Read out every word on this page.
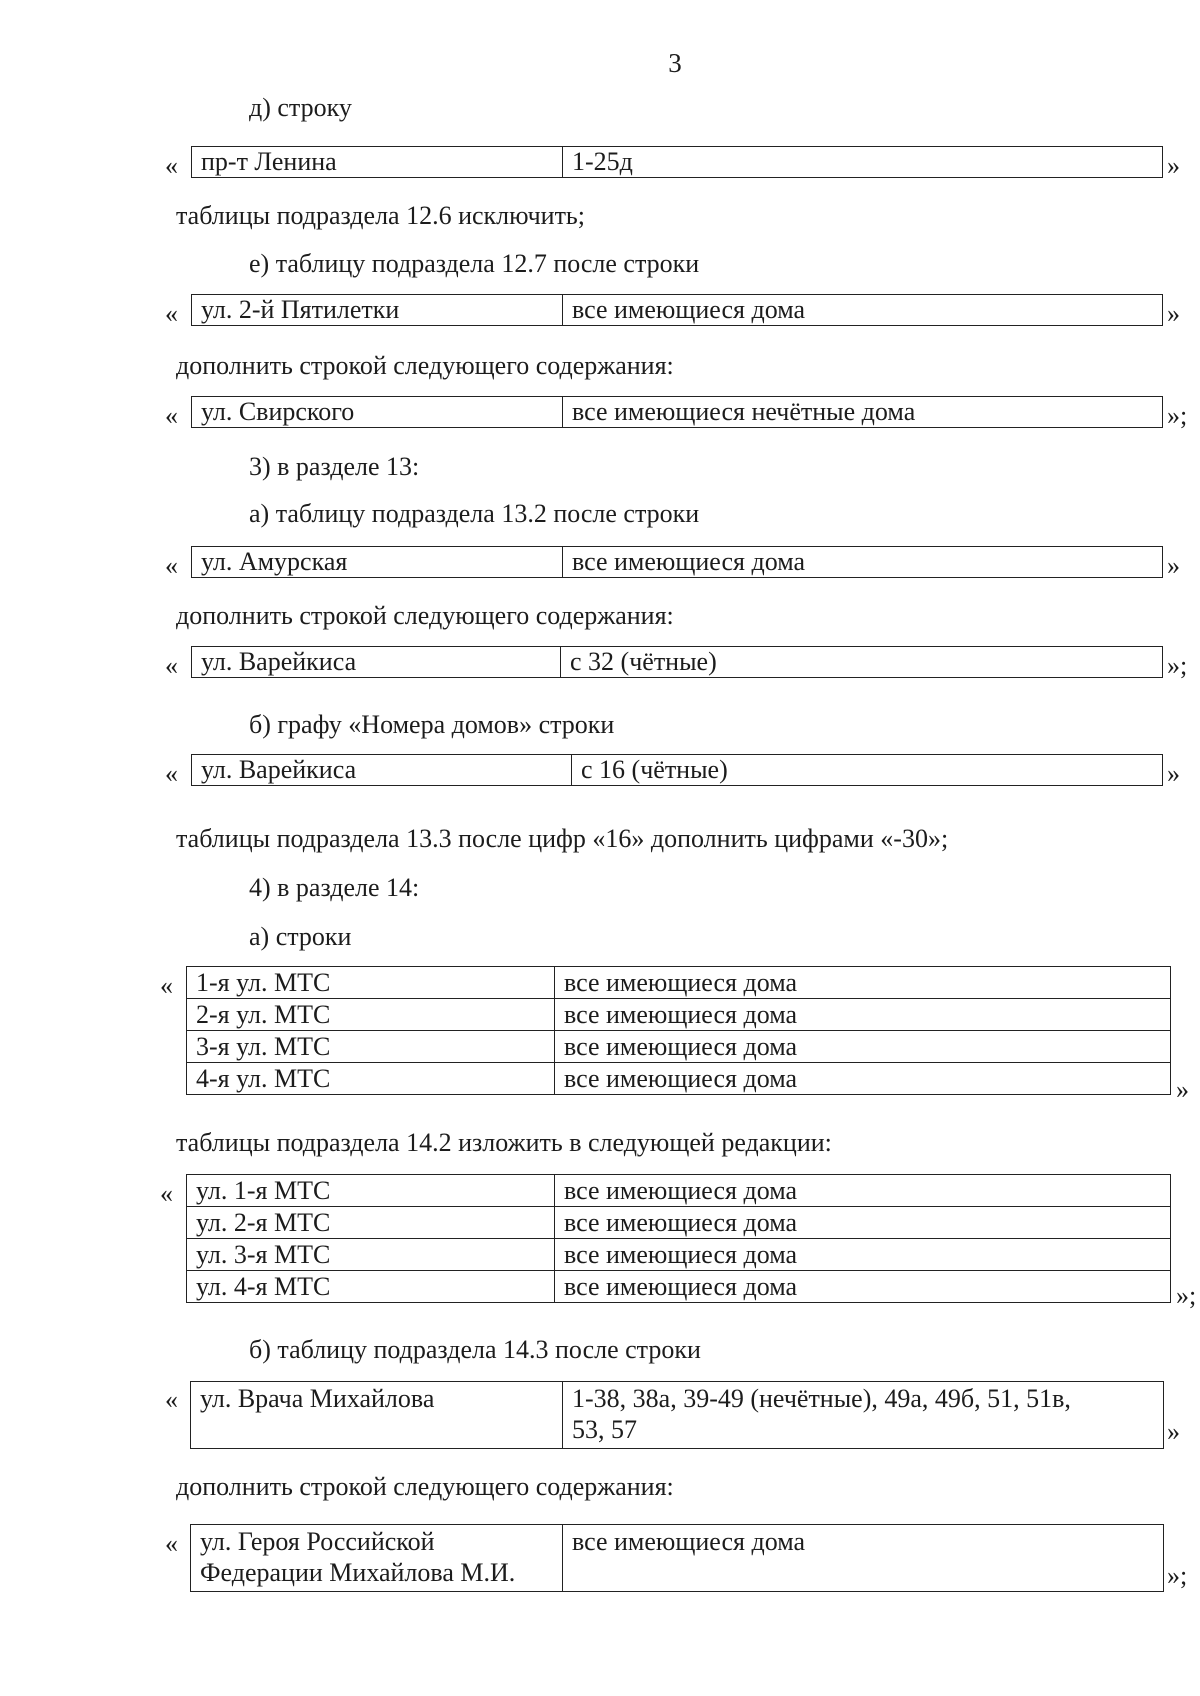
3
д) строку
« пр-т Ленина	1-25д	»
таблицы подраздела 12.6 исключить;
е) таблицу подраздела 12.7 после строки
« ул. 2-й Пятилетки	все имеющиеся дома	»
дополнить строкой следующего содержания:
« ул. Свирского	все имеющиеся нечётные дома	»;
3) в разделе 13:
а) таблицу подраздела 13.2 после строки
« ул. Амурская	все имеющиеся дома	»
дополнить строкой следующего содержания:
« ул. Варейкиса	с 32 (чётные)	»;
б) графу «Номера домов» строки
« ул. Варейкиса	с 16 (чётные)	»
таблицы подраздела 13.3 после цифр «16» дополнить цифрами «-30»;
4) в разделе 14:
а) строки
« 1-я ул. МТС	все имеющиеся дома
2-я ул. МТС	все имеющиеся дома
3-я ул. МТС	все имеющиеся дома
4-я ул. МТС	все имеющиеся дома	»
таблицы подраздела 14.2 изложить в следующей редакции:
« ул. 1-я МТС	все имеющиеся дома
ул. 2-я МТС	все имеющиеся дома
ул. 3-я МТС	все имеющиеся дома
ул. 4-я МТС	все имеющиеся дома	»;
б) таблицу подраздела 14.3 после строки
« ул. Врача Михайлова	1-38, 38а, 39-49 (нечётные), 49а, 49б, 51, 51в,
53, 57	»
дополнить строкой следующего содержания:
« ул. Героя Российской
Федерации Михайлова М.И.
	все имеющиеся дома
»;
